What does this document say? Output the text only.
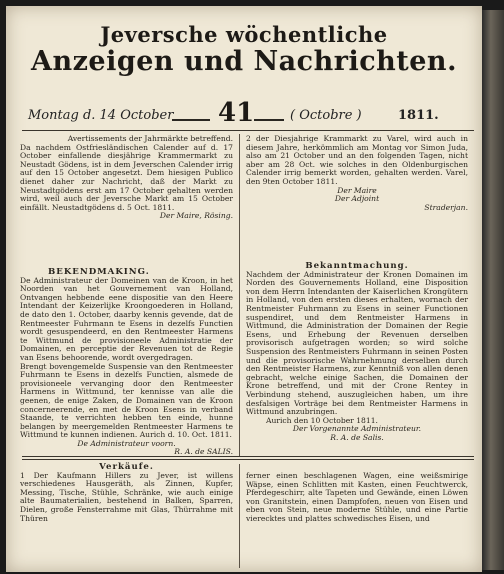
Jeversche wöchentliche
Anzeigen und Nachrichten.
Montag d. 14 October 41	( Octobre )	1811.

Avertissements der Jahrmärkte betreffend.

Da nachdem Ostfriesländischen Calender auf d. 17 October einfallende diesjährige Krammermarkt zu Neustadt Gödens, ist in dem Jeverschen Calender irrig auf den 15 October angesetzt. Dem hiesigen Publico dienet daher zur Nachricht, daß der Markt zu Neustadtgödens erst am 17 October gehalten werden wird, weil auch der Jeversche Markt am 15 October einfällt. Neustadtgödens d. 5 Oct. 1811.

Der Maire, Rösing.

BEKENDMAKING.

De Administrateur der Domeinen van de Kroon, in het Noorden van het Gouvernement van Holland, Ontvangen hebbende eene dispositie van den Heere Intendant der Keizerlijke Kroongoederen in Holland, de dato den 1. October, daarby kennis gevende, dat de Rentmeester Fuhrmann te Esens in dezelfs Functien wordt gesuspendeerd, en den Rentmeester Harmens te Wittmund de provisioneele Administratie der Domainen, en perceptie der Revenuen tot de Regie van Esens behoorende, wordt overgedragen.

Brengt bovengemelde Suspensie van den Rentmeester Fuhrmann te Esens in dezelfs Functien, alsmede de provisioneele vervanging door den Rentmeester Harmens in Wittmund, ter kennisse van alle die geenen, de enige Zaken, de Domainen van de Kroon concerneerende, en met de Kroon Esens in verband Staande, te verrichten hebben ten einde, hunne belangen by meergemelden Rentmeester Harmens te Wittmund te kunnen indienen. Aurich d. 10. Oct. 1811.

De Administrateur voorn.

R. A. de SALIS.

2 der Diesjahrige Krammarkt zu Varel, wird auch in diesem Jahre, herkömmlich am Montag vor Simon Juda, also am 21 October und an den folgenden Tagen, nicht aber am 28 Oct. wie solches in den Oldenburgischen Calender irrig bemerkt worden, gehalten werden. Varel, den 9ten October 1811.

Der Maire

Der Adjoint

Straderjan.

Bekanntmachung.

Nachdem der Administrateur der Kronen Domainen im Norden des Gouvernements Holland, eine Disposition von dem Herrn Intendanten der Kaiserlichen Krongütern in Holland, von den ersten dieses erhalten, wornach der Rentmeister Fuhrmann zu Esens in seiner Functionen suspendiret, und dem Rentmeister Harmens in Wittmund, die Administration der Domainen der Regie Esens, und Erhebung der Revenuen derselben provisorisch aufgetragen worden; so wird solche Suspension des Rentmeisters Fuhrmann in seinen Posten und die provisorische Wahrnehmung derselben durch den Rentmeister Harmens, zur Kenntniß von allen denen gebracht, welche einige Sachen, die Domainen der Krone betreffend, und mit der Crone Rentey in Verbindung stehend, auszugleichen haben, um ihre desfalsigen Vorträge bei dem Rentmeister Harmens in Wittmund anzubringen.

Aurich den 10 October 1811.

Der Vorgenannte Administrateur.

R. A. de Salis.

Verkäufe.

1 Der Kaufmann Hillers zu Jever, ist willens verschiedenes Hausgeräth, als Zinnen, Kupfer, Messing, Tische, Stühle, Schränke, wie auch einige alte Baumaterialien, bestehend in Balken, Sparren, Dielen, große Fensterrahme mit Glas, Thürrahme mit Thüren

ferner einen beschlagenen Wagen, eine weißsmirige Wäpse, einen Schlitten mit Kasten, einen Feuchtwerck, Pferdegeschirr, alte Tapeten und Gewände, einen Löwen von Granitstein, einen Dampfofen, neuen von Eisen und eben von Stein, neue moderne Stühle, und eine Partie vierecktes und plattes schwedisches Eisen, und
